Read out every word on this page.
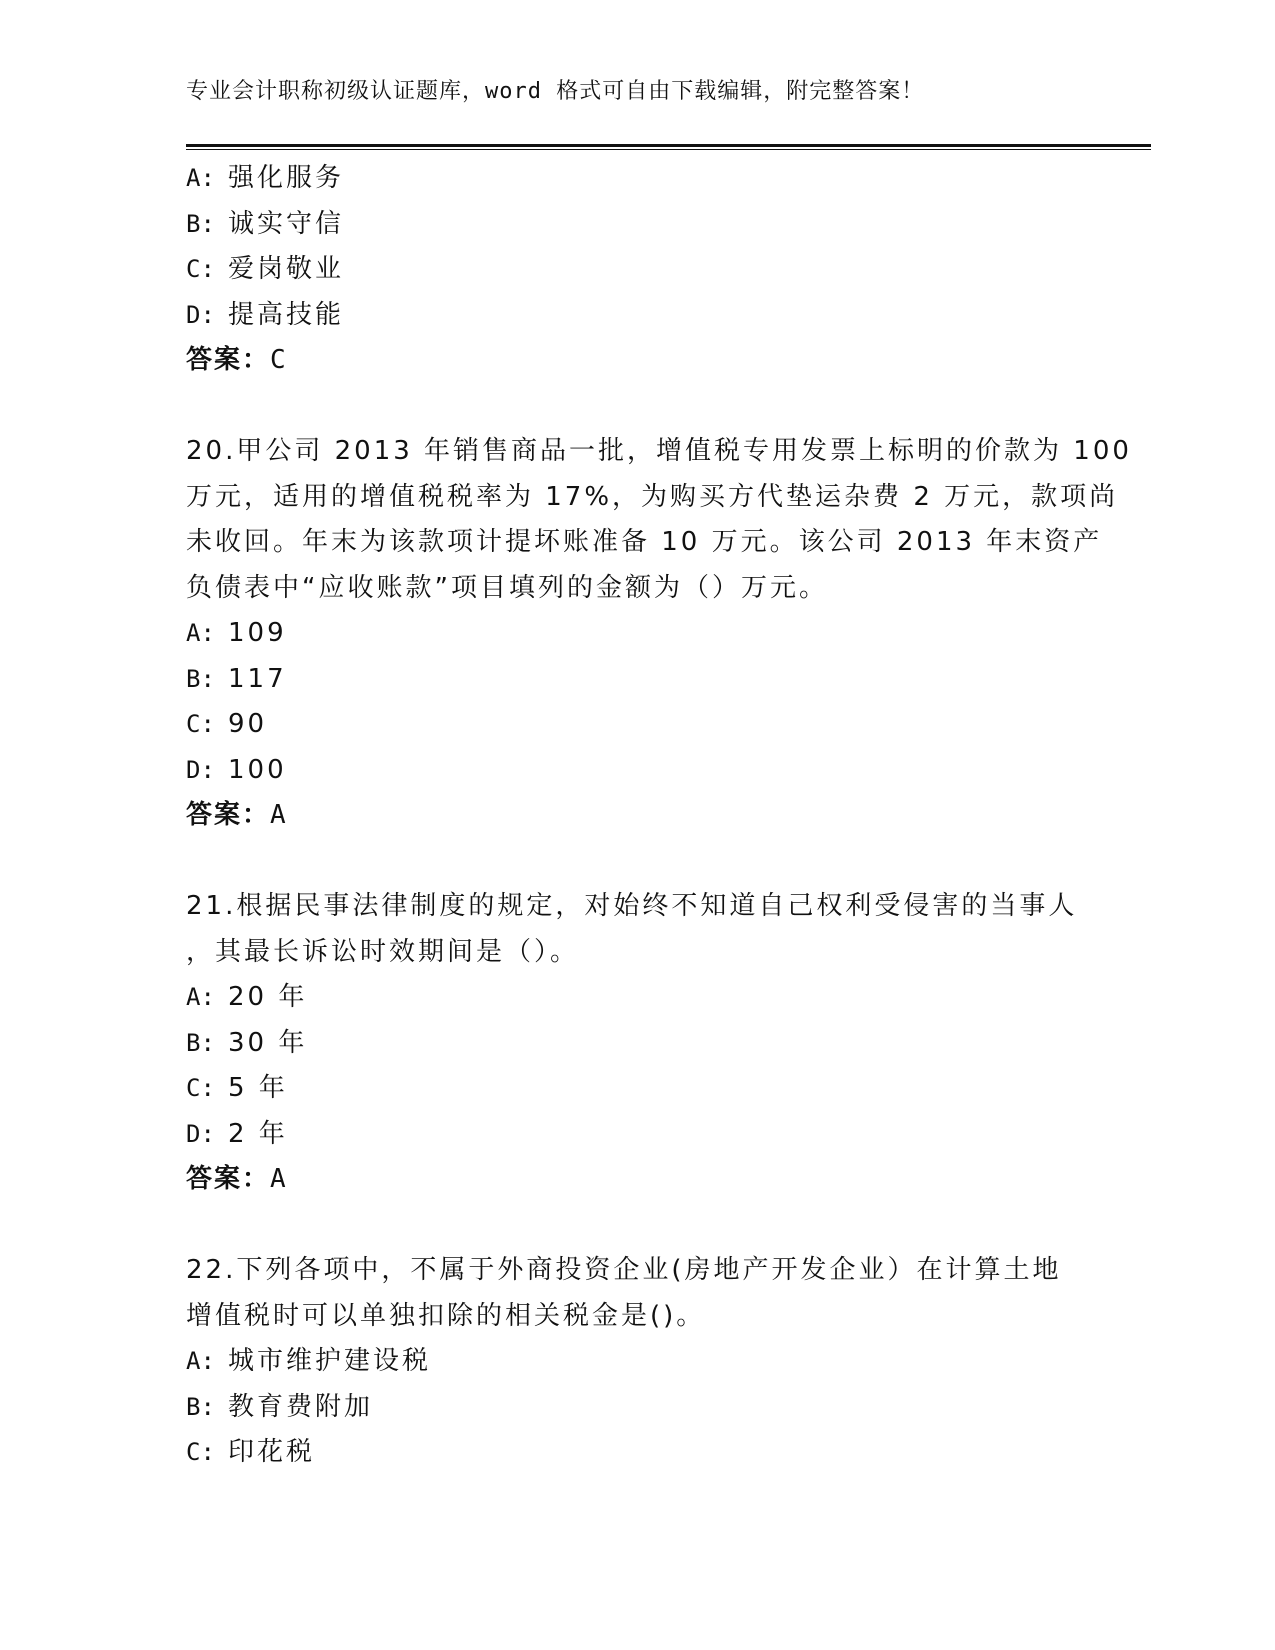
专业会计职称初级认证题库，word 格式可自由下载编辑，附完整答案！
A: 强化服务
B: 诚实守信
C: 爱岗敬业
D: 提高技能
答案：C
20.甲公司 2013 年销售商品一批，增值税专用发票上标明的价款为 100
万元，适用的增值税税率为 17%，为购买方代垫运杂费 2 万元，款项尚
未收回。年末为该款项计提坏账准备 10 万元。该公司 2013 年末资产
负债表中“应收账款”项目填列的金额为（）万元。
A: 109
B: 117
C: 90
D: 100
答案：A
21.根据民事法律制度的规定，对始终不知道自己权利受侵害的当事人
，其最长诉讼时效期间是（）。
A: 20 年
B: 30 年
C: 5 年
D: 2 年
答案：A
22.下列各项中，不属于外商投资企业(房地产开发企业）在计算土地
增值税时可以单独扣除的相关税金是()。
A: 城市维护建设税
B: 教育费附加
C: 印花税
